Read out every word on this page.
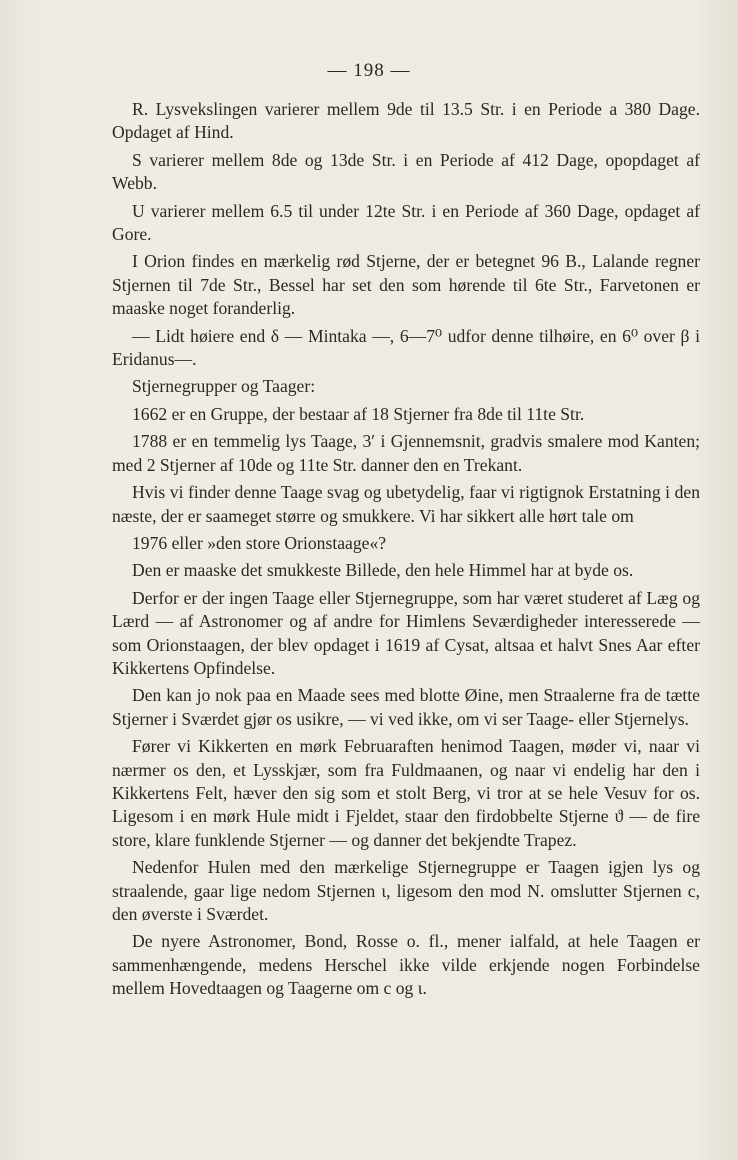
— 198 —

R. Lysvekslingen varierer mellem 9de til 13.5 Str. i en Periode a 380 Dage. Opdaget af Hind.

S varierer mellem 8de og 13de Str. i en Periode af 412 Dage, opopdaget af Webb.

U varierer mellem 6.5 til under 12te Str. i en Periode af 360 Dage, opdaget af Gore.

I Orion findes en mærkelig rød Stjerne, der er betegnet 96 B., Lalande regner Stjernen til 7de Str., Bessel har set den som hørende til 6te Str., Farvetonen er maaske noget foranderlig.

— Lidt høiere end δ — Mintaka —, 6—7⁰ udfor denne tilhøire, en 6⁰ over β i Eridanus—.

Stjernegrupper og Taager:

1662 er en Gruppe, der bestaar af 18 Stjerner fra 8de til 11te Str.

1788 er en temmelig lys Taage, 3′ i Gjennemsnit, gradvis smalere mod Kanten; med 2 Stjerner af 10de og 11te Str. danner den en Trekant.

Hvis vi finder denne Taage svag og ubetydelig, faar vi rigtignok Erstatning i den næste, der er saameget større og smukkere. Vi har sikkert alle hørt tale om

1976 eller »den store Orionstaage«?

Den er maaske det smukkeste Billede, den hele Himmel har at byde os.

Derfor er der ingen Taage eller Stjernegruppe, som har været studeret af Læg og Lærd — af Astronomer og af andre for Himlens Seværdigheder interesserede — som Orionstaagen, der blev opdaget i 1619 af Cysat, altsaa et halvt Snes Aar efter Kikkertens Opfindelse.

Den kan jo nok paa en Maade sees med blotte Øine, men Straalerne fra de tætte Stjerner i Sværdet gjør os usikre, — vi ved ikke, om vi ser Taage- eller Stjernelys.

Fører vi Kikkerten en mørk Februaraften henimod Taagen, møder vi, naar vi nærmer os den, et Lysskjær, som fra Fuldmaanen, og naar vi endelig har den i Kikkertens Felt, hæver den sig som et stolt Berg, vi tror at se hele Vesuv for os. Ligesom i en mørk Hule midt i Fjeldet, staar den firdobbelte Stjerne ϑ — de fire store, klare funklende Stjerner — og danner det bekjendte Trapez.

Nedenfor Hulen med den mærkelige Stjernegruppe er Taagen igjen lys og straalende, gaar lige nedom Stjernen ι, ligesom den mod N. omslutter Stjernen c, den øverste i Sværdet.

De nyere Astronomer, Bond, Rosse o. fl., mener ialfald, at hele Taagen er sammenhængende, medens Herschel ikke vilde erkjende nogen Forbindelse mellem Hovedtaagen og Taagerne om c og ι.
